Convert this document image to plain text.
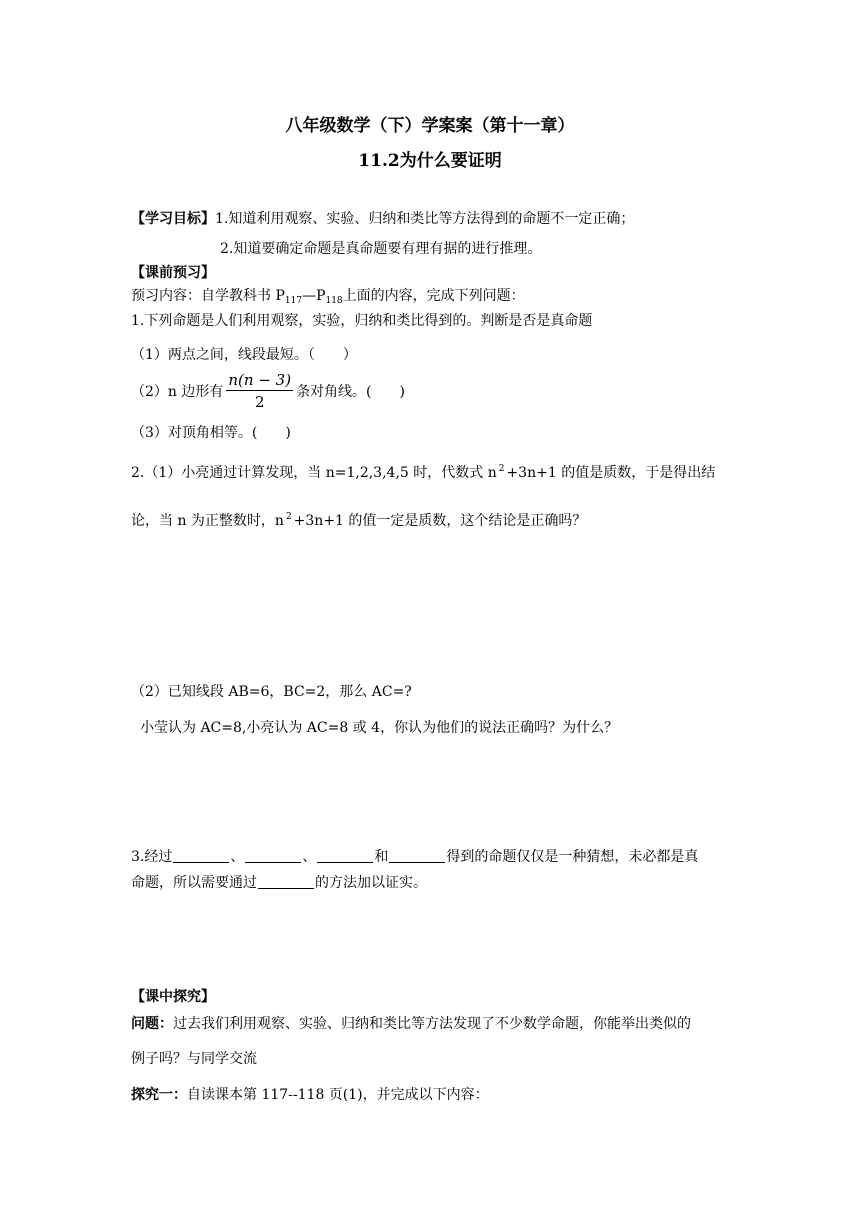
八年级数学（下）学案案（第十一章）
11.2为什么要证明
【学习目标】1.知道利用观察、实验、归纳和类比等方法得到的命题不一定正确；
2.知道要确定命题是真命题要有理有据的进行推理。
【课前预习】
预习内容：自学教科书 $P_{117}—P_{118}$上面的内容，完成下列问题：
1.下列命题是人们利用观察，实验，归纳和类比得到的。判断是否是真命题
（1）两点之间，线段最短。（　　）
（2）n 边形有 $\frac{n(n - 3)}{2}$ 条对角线。(　　)
（3）对顶角相等。(　　)
2.（1）小亮通过计算发现，当 n=1,2,3,4,5 时，代数式 n $^2$ +3n+1 的值是质数，于是得出结
论，当 n 为正整数时，n $^2$ +3n+1 的值一定是质数，这个结论是正确吗？
（2）已知线段 AB=6，BC=2，那么 AC=?
小莹认为 AC=8,小亮认为 AC=8 或 4，你认为他们的说法正确吗？为什么？
3.经过	、	、	和	得到的命题仅仅是一种猜想，未必都是真
命题，所以需要通过	的方法加以证实。
【课中探究】
问题：过去我们利用观察、实验、归纳和类比等方法发现了不少数学命题，你能举出类似的
例子吗？与同学交流
探究一：自读课本第 117--118 页(1)，并完成以下内容：
